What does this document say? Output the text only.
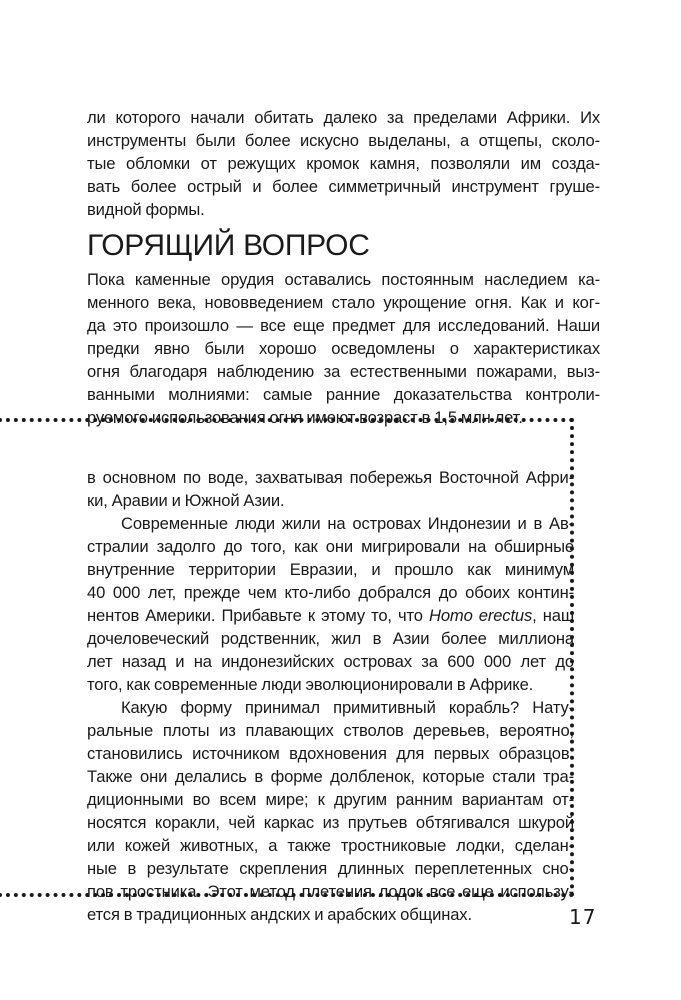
ли которого начали обитать далеко за пределами Африки. Их
инструменты были более искусно выделаны, а отщепы, сколо-
тые обломки от режущих кромок камня, позволяли им созда-
вать более острый и более симметричный инструмент груше-
видной формы.

ГОРЯЩИЙ ВОПРОС

Пока каменные орудия оставались постоянным наследием ка-
менного века, нововведением стало укрощение огня. Как и ког-
да это произошло — все еще предмет для исследований. Наши
предки явно были хорошо осведомлены о характеристиках
огня благодаря наблюдению за естественными пожарами, выз-
ванными молниями: самые ранние доказательства контроли-
руемого использования огня имеют возраст в 1,5 млн лет.

в основном по воде, захватывая побережья Восточной Афри-
ки, Аравии и Южной Азии.

Современные люди жили на островах Индонезии и в Ав-
стралии задолго до того, как они мигрировали на обширные
внутренние территории Евразии, и прошло как минимум
40 000 лет, прежде чем кто-либо добрался до обоих контин-
нентов Америки. Прибавьте к этому то, что Homo erectus, наш
дочеловеческий родственник, жил в Азии более миллиона
лет назад и на индонезийских островах за 600 000 лет до
того, как современные люди эволюционировали в Африке.

Какую форму принимал примитивный корабль? Нату-
ральные плоты из плавающих стволов деревьев, вероятно,
становились источником вдохновения для первых образцов.
Также они делались в форме долбленок, которые стали тра-
диционными во всем мире; к другим ранним вариантам от-
носятся коракли, чей каркас из прутьев обтягивался шкурой
или кожей животных, а также тростниковые лодки, сделан-
ные в результате скрепления длинных переплетенных сно-
пов тростника. Этот метод плетения лодок все еще использу-
ется в традиционных андских и арабских общинах.	17
